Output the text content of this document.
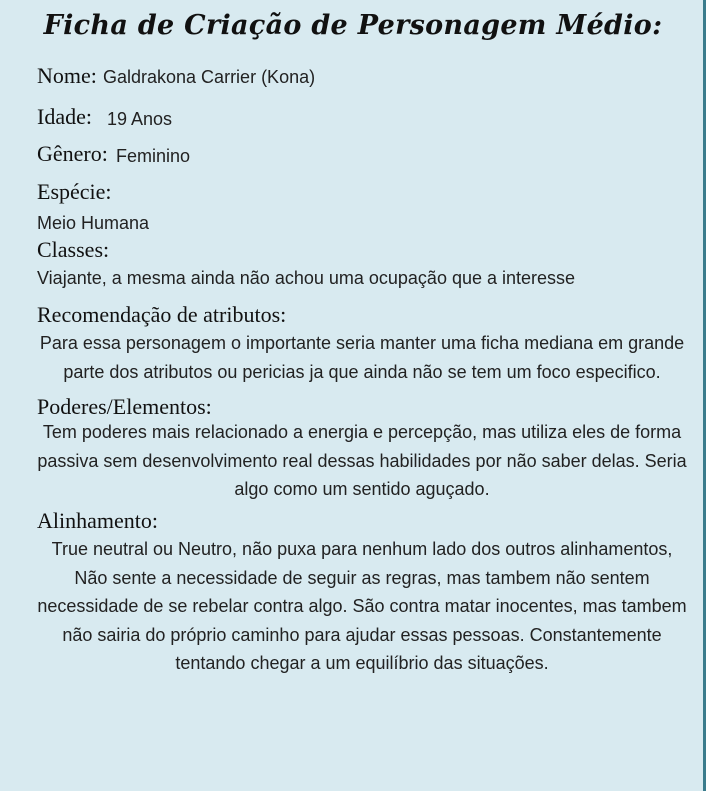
Ficha de Criação de Personagem Médio:
Nome: Galdrakona Carrier (Kona)
Idade: 19 Anos
Gênero: Feminino
Espécie:
Meio Humana
Classes:
Viajante, a mesma ainda não achou uma ocupação que a interesse
Recomendação de atributos:
Para essa personagem o importante seria manter uma ficha mediana em grande parte dos atributos ou pericias ja que ainda não se tem um foco especifico.
Poderes/Elementos:
Tem poderes mais relacionado a energia e percepção, mas utiliza eles de forma passiva sem desenvolvimento real dessas habilidades por não saber delas. Seria algo como um sentido aguçado.
Alinhamento:
True neutral ou Neutro, não puxa para nenhum lado dos outros alinhamentos, Não sente a necessidade de seguir as regras, mas tambem não sentem necessidade de se rebelar contra algo. São contra matar inocentes, mas tambem não sairia do próprio caminho para ajudar essas pessoas. Constantemente tentando chegar a um equilíbrio das situações.
